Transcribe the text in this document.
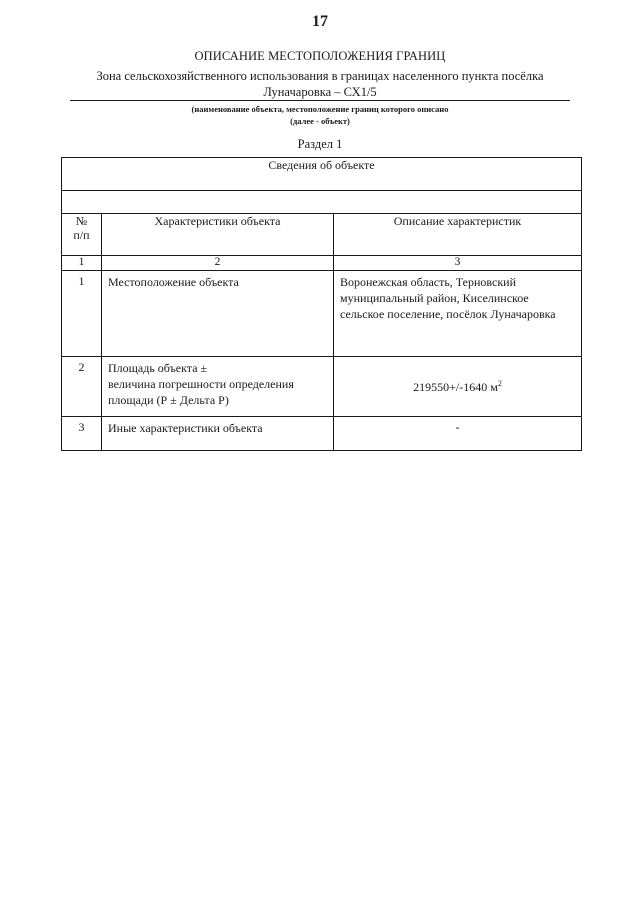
17
ОПИСАНИЕ МЕСТОПОЛОЖЕНИЯ ГРАНИЦ
Зона сельскохозяйственного использования в границах населенного пункта посёлка
Луначаровка – СХ1/5
(наименование объекта, местоположение границ которого описано
(далее - объект)
Раздел 1
Сведения об объекте		

№
п/п	Характеристики объекта	Описание характеристик
1	2	3
1	Местоположение объекта	Воронежская область, Терновский муниципальный район, Киселинское сельское поселение, посёлок Луначаровка
2	Площадь объекта ±
величина погрешности определения площади (Р ± Дельта Р)	219550+/-1640 $м^2$
3	Иные характеристики объекта	-
